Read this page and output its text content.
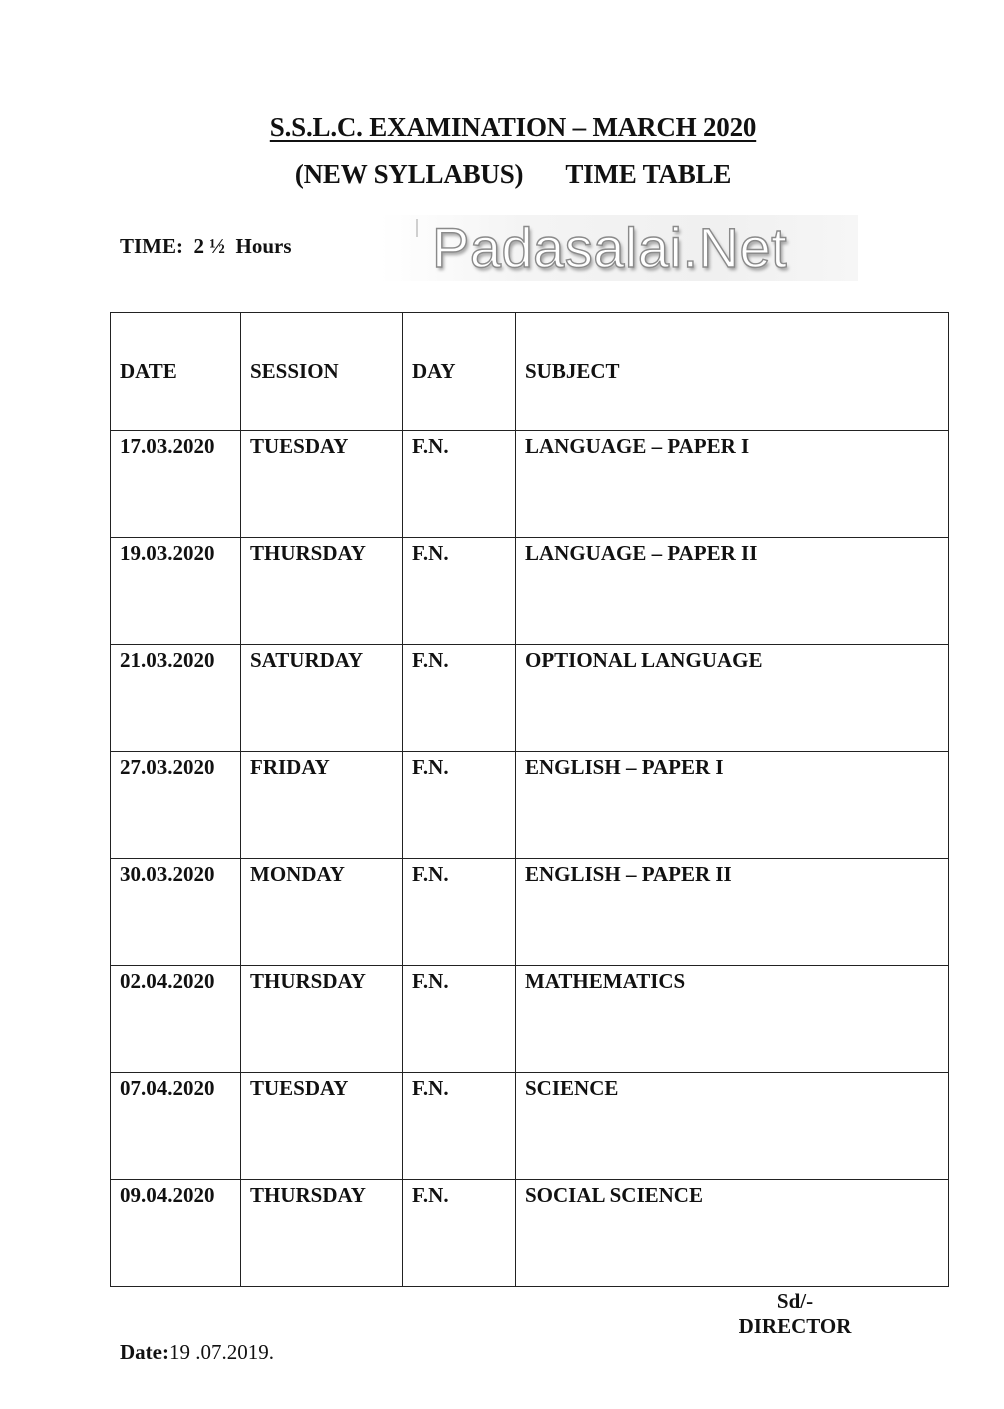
S.S.L.C. EXAMINATION – MARCH 2020
(NEW SYLLABUS) TIME TABLE
TIME:  2 ½  Hours	Padasalai.Net
DATE	SESSION	DAY	SUBJECT
17.03.2020	TUESDAY	F.N.	LANGUAGE – PAPER I
19.03.2020	THURSDAY	F.N.	LANGUAGE – PAPER II
21.03.2020	SATURDAY	F.N.	OPTIONAL LANGUAGE
27.03.2020	FRIDAY	F.N.	ENGLISH – PAPER I
30.03.2020	MONDAY	F.N.	ENGLISH – PAPER II
02.04.2020	THURSDAY	F.N.	MATHEMATICS
07.04.2020	TUESDAY	F.N.	SCIENCE
09.04.2020	THURSDAY	F.N.	SOCIAL SCIENCE
Sd/-
DIRECTOR
Date:19 .07.2019.
